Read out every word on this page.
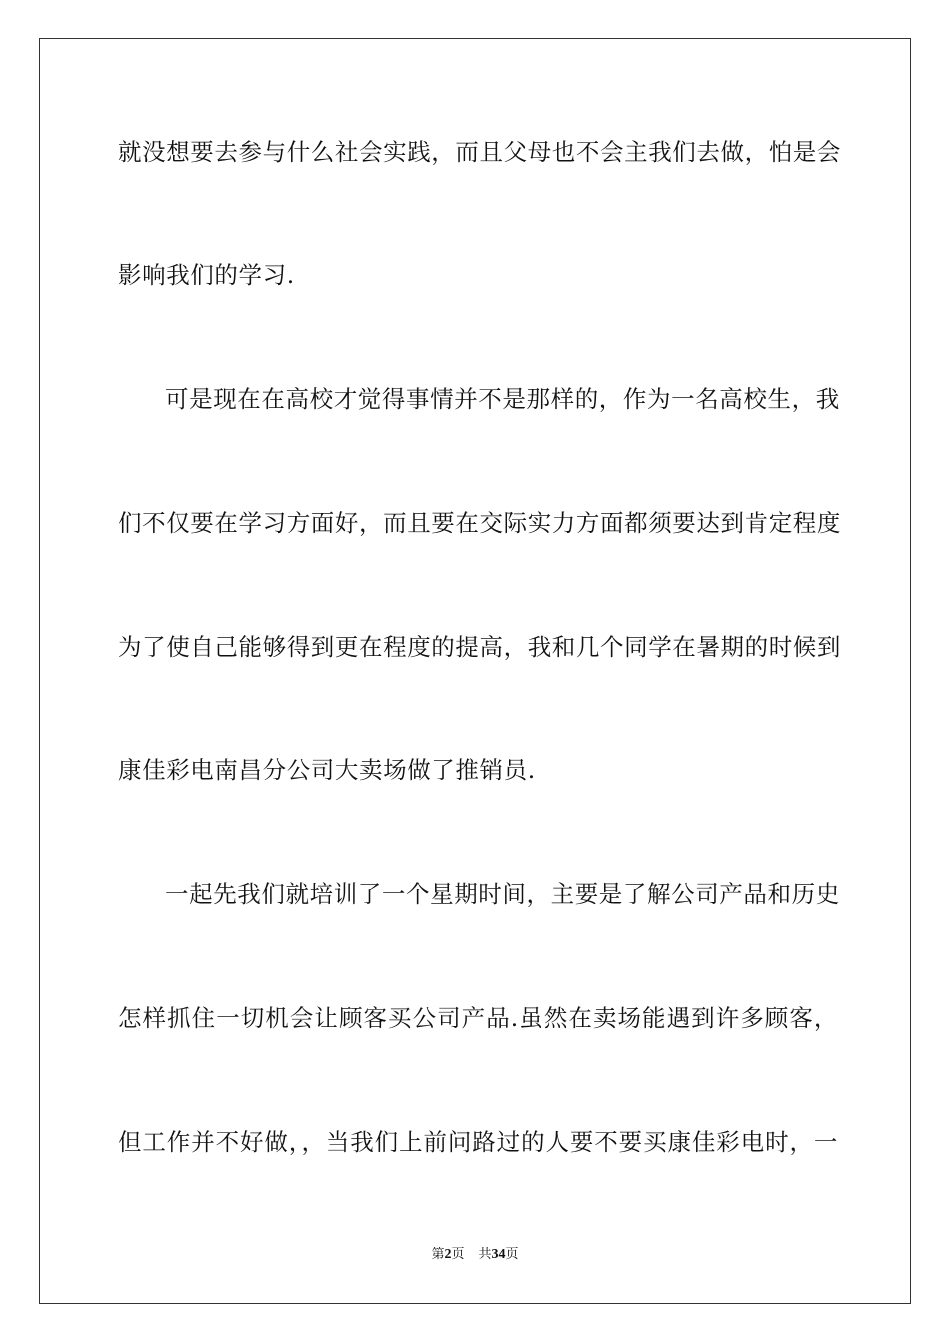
就没想要去参与什么社会实践，而且父母也不会主我们去做，怕是会
影响我们的学习.
可是现在在高校才觉得事情并不是那样的，作为一名高校生，我
们不仅要在学习方面好，而且要在交际实力方面都须要达到肯定程度
为了使自己能够得到更在程度的提高，我和几个同学在暑期的时候到
康佳彩电南昌分公司大卖场做了推销员.
一起先我们就培训了一个星期时间，主要是了解公司产品和历史
怎样抓住一切机会让顾客买公司产品.虽然在卖场能遇到许多顾客，
但工作并不好做，，当我们上前问路过的人要不要买康佳彩电时，一
第2页 共34页
